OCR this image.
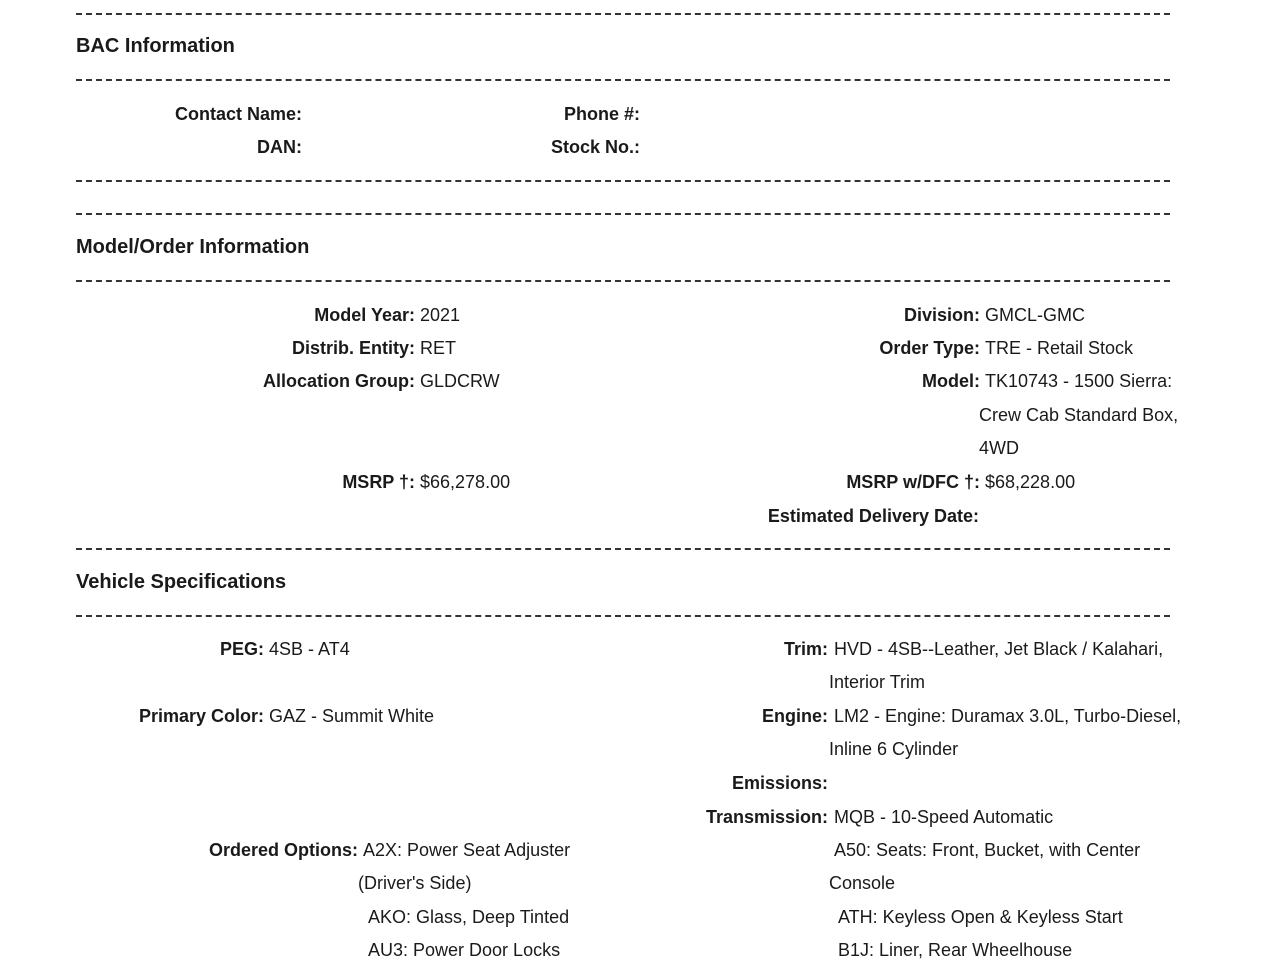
BAC Information
Contact Name:
DAN:
Phone #:
Stock No.:
Model/Order Information
Model Year: 2021
Distrib. Entity: RET
Allocation Group: GLDCRW
MSRP †: $66,278.00
Division: GMCL-GMC
Order Type: TRE - Retail Stock
Model: TK10743 - 1500 Sierra:
Crew Cab Standard Box,
4WD
MSRP w/DFC †: $68,228.00
Estimated Delivery Date:
Vehicle Specifications
PEG: 4SB - AT4
Primary Color: GAZ - Summit White
Trim: HVD - 4SB--Leather, Jet Black / Kalahari,
Interior Trim
Engine: LM2 - Engine: Duramax 3.0L, Turbo-Diesel,
Inline 6 Cylinder
Emissions:
Transmission: MQB - 10-Speed Automatic
Ordered Options: A2X: Power Seat Adjuster
(Driver's Side)
AKO: Glass, Deep Tinted
AU3: Power Door Locks
A50: Seats: Front, Bucket, with Center
Console
ATH: Keyless Open & Keyless Start
B1J: Liner, Rear Wheelhouse
